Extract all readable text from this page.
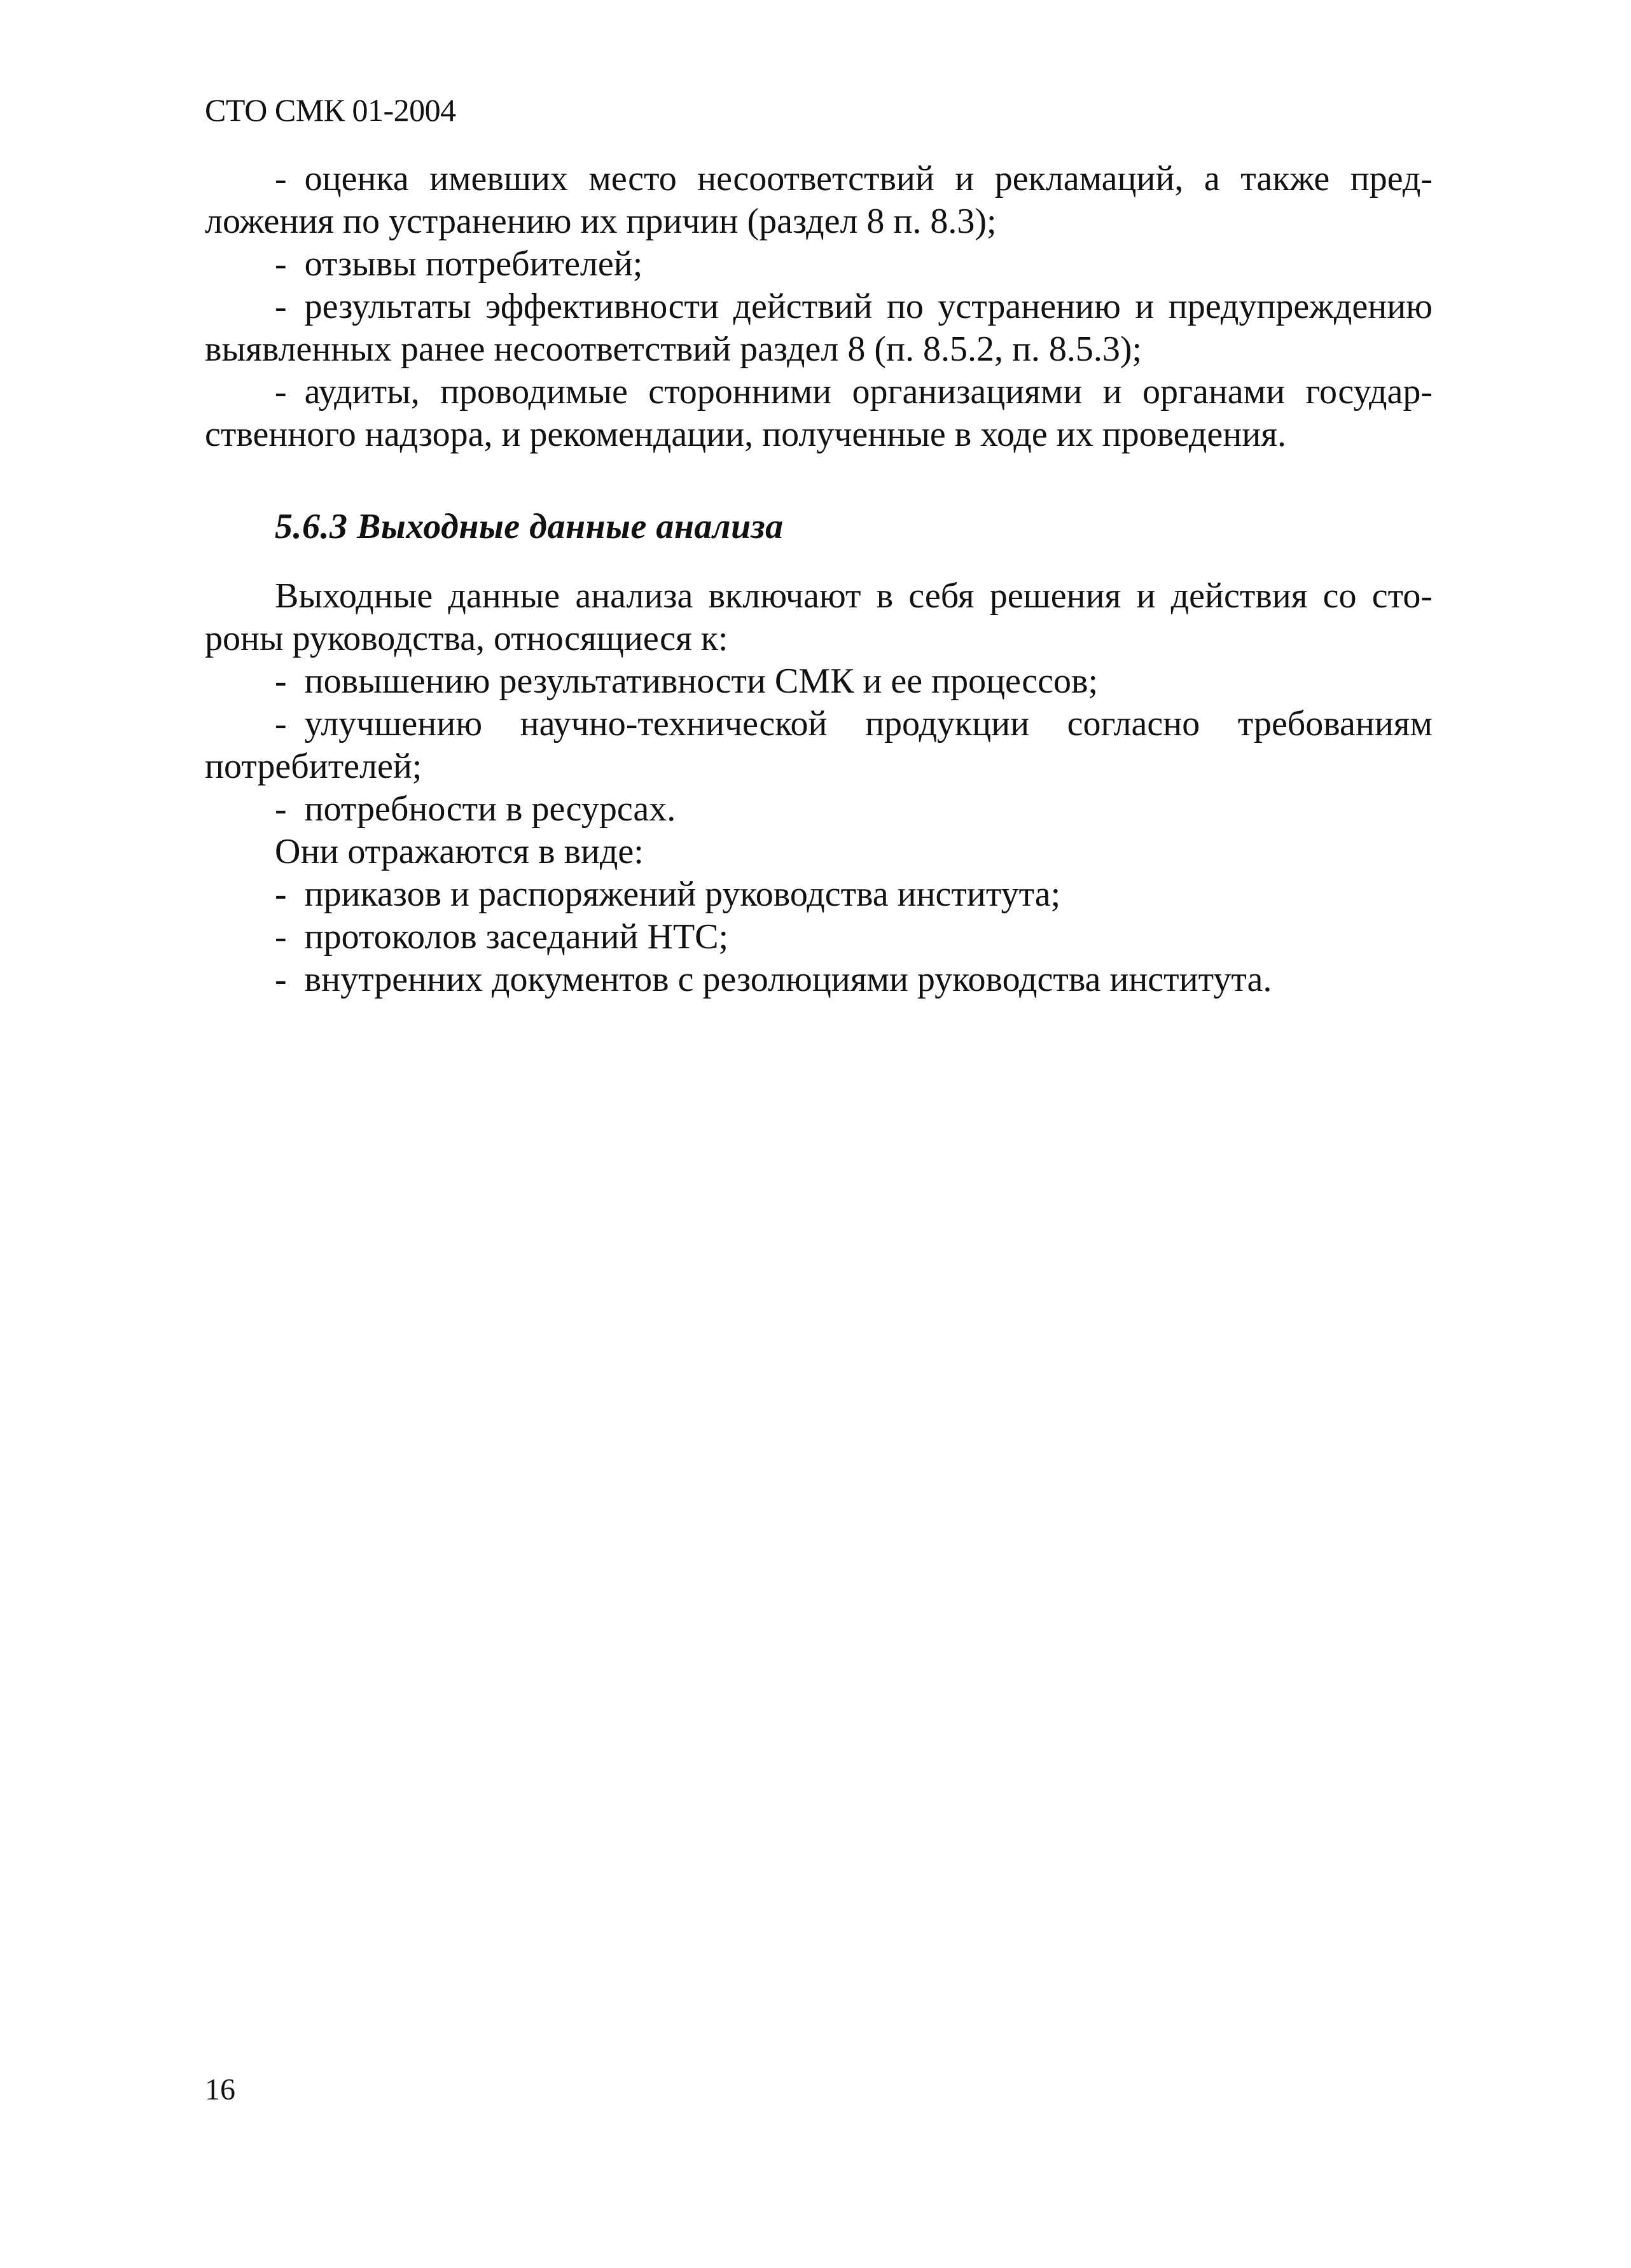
СТО СМК 01-2004
- оценка имевших место несоответствий и рекламаций, а также предложения по устранению их причин (раздел 8 п. 8.3);
- отзывы потребителей;
- результаты эффективности действий по устранению и предупреждению выявленных ранее несоответствий раздел 8 (п. 8.5.2, п. 8.5.3);
- аудиты, проводимые сторонними организациями и органами государственного надзора, и рекомендации, полученные в ходе их проведения.
5.6.3 Выходные данные анализа
Выходные данные анализа включают в себя решения и действия со стороны руководства, относящиеся к:
- повышению результативности СМК и ее процессов;
- улучшению научно-технической продукции согласно требованиям потребителей;
- потребности в ресурсах.
Они отражаются в виде:
- приказов и распоряжений руководства института;
- протоколов заседаний НТС;
- внутренних документов с резолюциями руководства института.
16
